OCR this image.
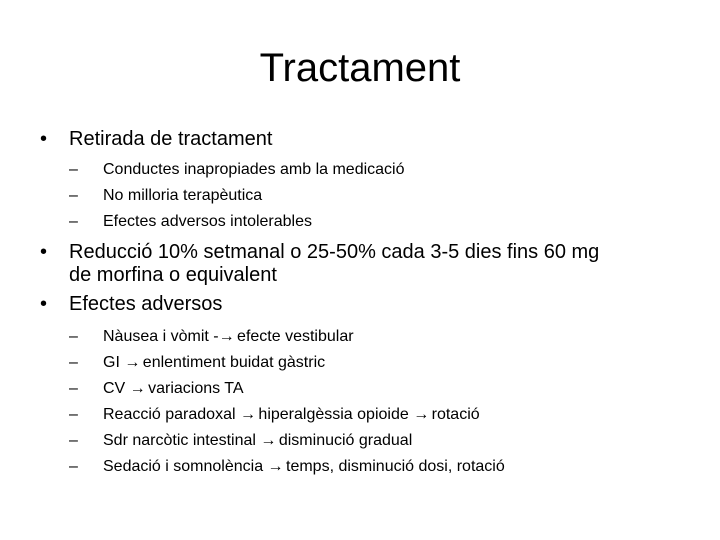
Tractament
•	Retirada de tractament
– Conductes inapropiades amb la medicació
– No milloria terapèutica
– Efectes adversos intolerables
•	Reducció 10% setmanal o 25-50% cada 3-5 dies fins 60 mg
de morfina o equivalent
•	Efectes adversos
– Nàusea i vòmit -→ efecte vestibular
– GI → enlentiment buidat gàstric
– CV → variacions TA
– Reacció paradoxal → hiperalgèssia opioide → rotació
– Sdr narcòtic intestinal → disminució gradual
– Sedació i somnolència → temps, disminució dosi, rotació
